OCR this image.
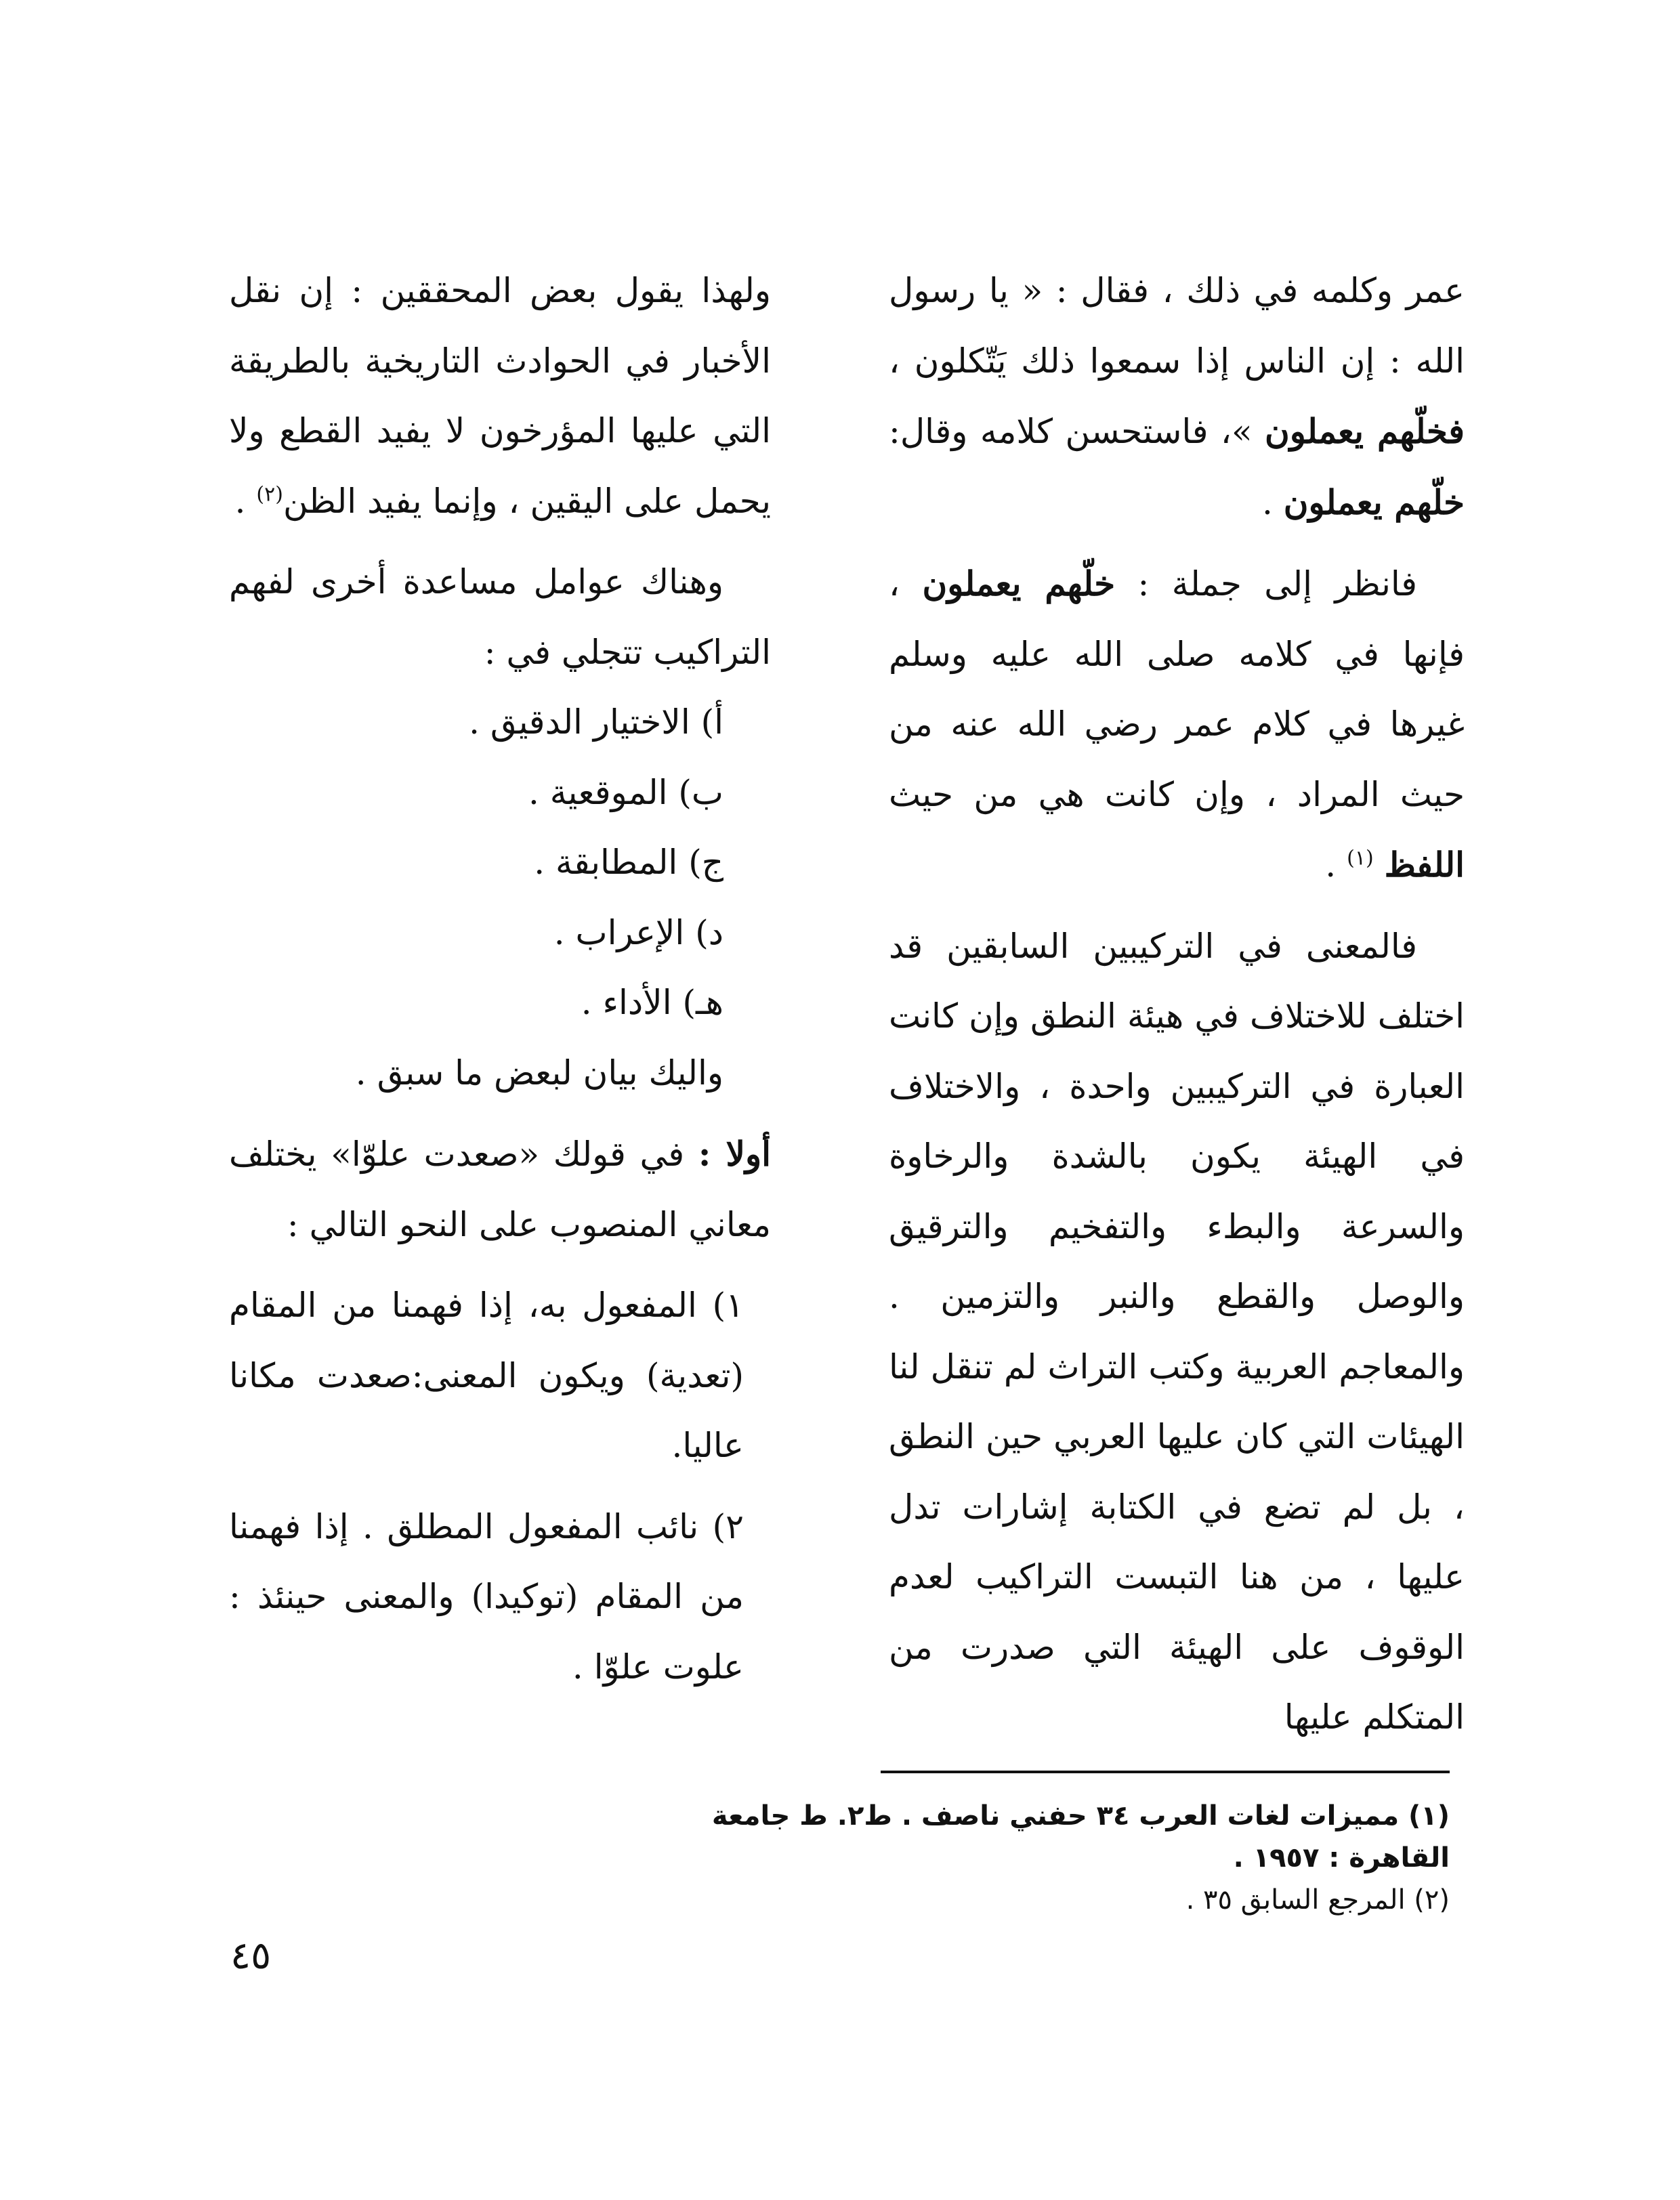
عمر وكلمه في ذلك ، فقال : « يا رسول الله : إن الناس إذا سمعوا ذلك يَتّكلون ، فخلّهم يعملون »، فاستحسن كلامه وقال: خلّهم يعملون .

فانظر إلى جملة : خلّهم يعملون ، فإنها في كلامه صلى الله عليه وسلم غيرها في كلام عمر رضي الله عنه من حيث المراد ، وإن كانت هي من حيث اللفظ $^{(١)}$ .

فالمعنى في التركيبين السابقين قد اختلف للاختلاف في هيئة النطق وإن كانت العبارة في التركيبين واحدة ، والاختلاف في الهيئة يكون بالشدة والرخاوة والسرعة والبطء والتفخيم والترقيق والوصل والقطع والنبر والتزمين . والمعاجم العربية وكتب التراث لم تنقل لنا الهيئات التي كان عليها العربي حين النطق ، بل لم تضع في الكتابة إشارات تدل عليها ، من هنا التبست التراكيب لعدم الوقوف على الهيئة التي صدرت من المتكلم عليها

ولهذا يقول بعض المحققين : إن نقل الأخبار في الحوادث التاريخية بالطريقة التي عليها المؤرخون لا يفيد القطع ولا يحمل على اليقين ، وإنما يفيد الظن$^{(٢)}$ .

وهناك عوامل مساعدة أخرى لفهم التراكيب تتجلي في :

أ) الاختيار الدقيق .

ب) الموقعية .

ج) المطابقة .

د) الإعراب .

هـ) الأداء .

واليك بيان لبعض ما سبق .

أولا : في قولك «صعدت علوّا» يختلف معاني المنصوب على النحو التالي :

١) المفعول به، إذا فهمنا من المقام (تعدية) ويكون المعنى:صعدت مكانا عاليا.

٢) نائب المفعول المطلق . إذا فهمنا من المقام (توكيدا) والمعنى حينئذ : علوت علوّا .

(١) مميزات لغات العرب ٣٤ حفني ناصف . ط٢. ط جامعة القاهرة : ١٩٥٧ .

(٢) المرجع السابق ٣٥ .

٤٥
